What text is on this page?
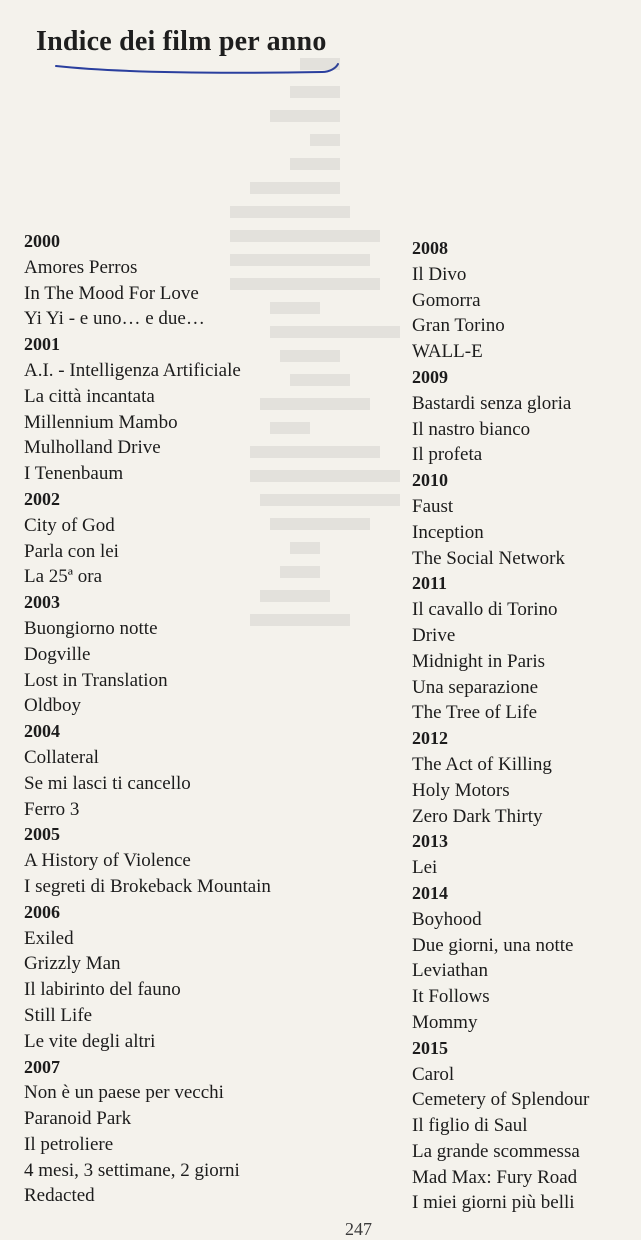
Indice dei film per anno
2000
Amores Perros
In The Mood For Love
Yi Yi - e uno… e due…
2001
A.I. - Intelligenza Artificiale
La città incantata
Millennium Mambo
Mulholland Drive
I Tenenbaum
2002
City of God
Parla con lei
La 25ª ora
2003
Buongiorno notte
Dogville
Lost in Translation
Oldboy
2004
Collateral
Se mi lasci ti cancello
Ferro 3
2005
A History of Violence
I segreti di Brokeback Mountain
2006
Exiled
Grizzly Man
Il labirinto del fauno
Still Life
Le vite degli altri
2007
Non è un paese per vecchi
Paranoid Park
Il petroliere
4 mesi, 3 settimane, 2 giorni
Redacted
2008
Il Divo
Gomorra
Gran Torino
WALL-E
2009
Bastardi senza gloria
Il nastro bianco
Il profeta
2010
Faust
Inception
The Social Network
2011
Il cavallo di Torino
Drive
Midnight in Paris
Una separazione
The Tree of Life
2012
The Act of Killing
Holy Motors
Zero Dark Thirty
2013
Lei
2014
Boyhood
Due giorni, una notte
Leviathan
It Follows
Mommy
2015
Carol
Cemetery of Splendour
Il figlio di Saul
La grande scommessa
Mad Max: Fury Road
I miei giorni più belli
247
